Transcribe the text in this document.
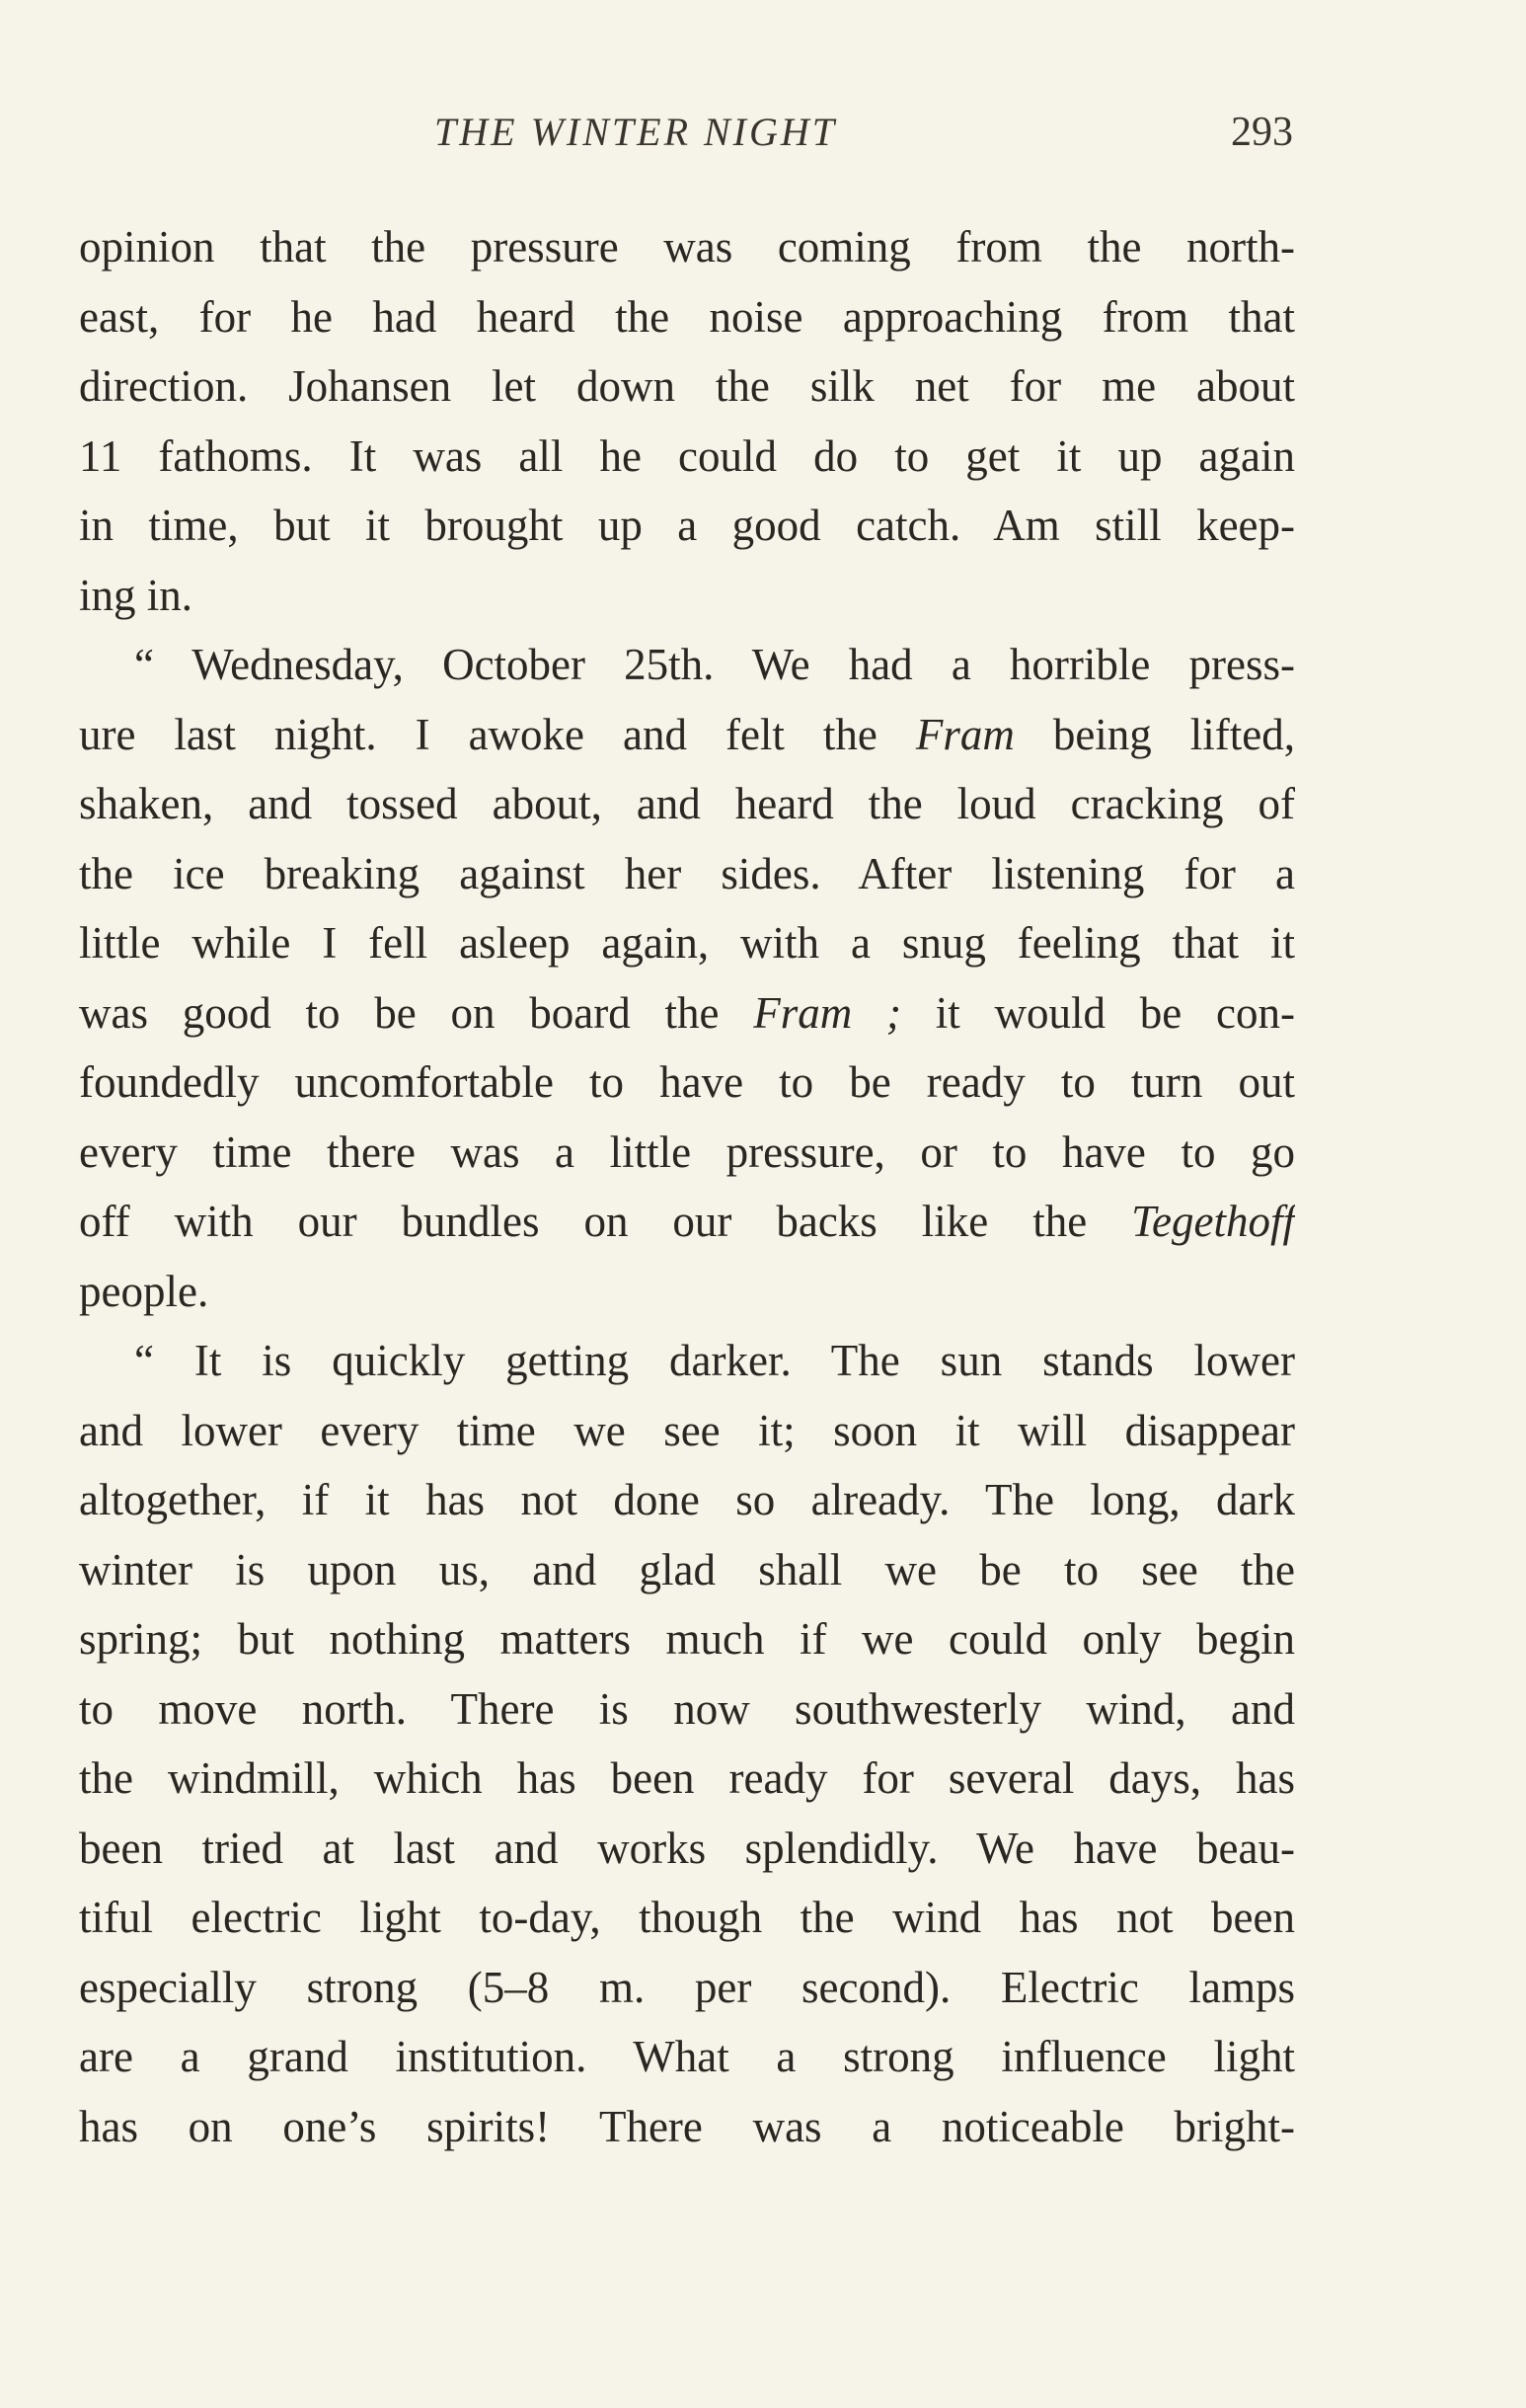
THE WINTER NIGHT	293
opinion that the pressure was coming from the north-
east, for he had heard the noise approaching from that
direction. Johansen let down the silk net for me about
11 fathoms. It was all he could do to get it up again
in time, but it brought up a good catch. Am still keep-
ing in.
“ Wednesday, October 25th. We had a horrible press-
ure last night. I awoke and felt the Fram being lifted,
shaken, and tossed about, and heard the loud cracking of
the ice breaking against her sides. After listening for a
little while I fell asleep again, with a snug feeling that it
was good to be on board the Fram ; it would be con-
foundedly uncomfortable to have to be ready to turn out
every time there was a little pressure, or to have to go
off with our bundles on our backs like the Tegethoff
people.
“ It is quickly getting darker. The sun stands lower
and lower every time we see it; soon it will disappear
altogether, if it has not done so already. The long, dark
winter is upon us, and glad shall we be to see the
spring; but nothing matters much if we could only begin
to move north. There is now southwesterly wind, and
the windmill, which has been ready for several days, has
been tried at last and works splendidly. We have beau-
tiful electric light to-day, though the wind has not been
especially strong (5–8 m. per second). Electric lamps
are a grand institution. What a strong influence light
has on one’s spirits! There was a noticeable bright-
